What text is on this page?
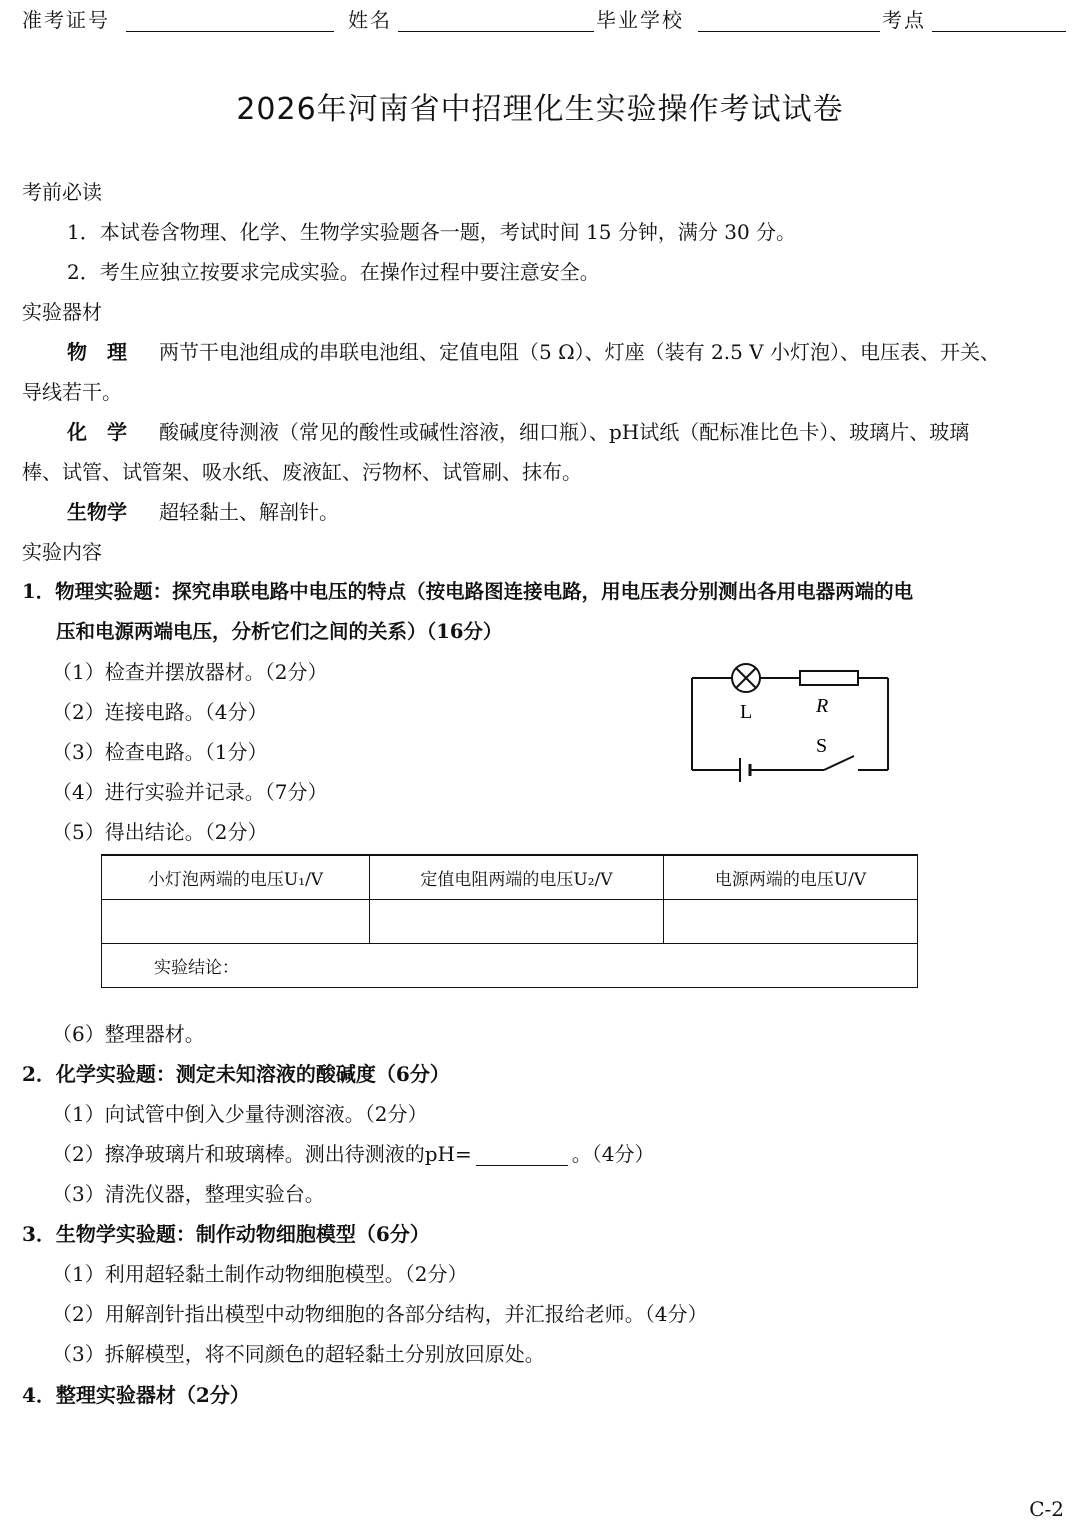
准考证号	姓名	毕业学校	考点
2026年河南省中招理化生实验操作考试试卷
考前必读
1．本试卷含物理、化学、生物学实验题各一题，考试时间 15 分钟，满分 30 分。
2．考生应独立按要求完成实验。在操作过程中要注意安全。
实验器材
物　理 两节干电池组成的串联电池组、定值电阻（5 Ω）、灯座（装有 2.5 V 小灯泡）、电压表、开关、
导线若干。
化　学 酸碱度待测液（常见的酸性或碱性溶液，细口瓶）、pH试纸（配标准比色卡）、玻璃片、玻璃
棒、试管、试管架、吸水纸、废液缸、污物杯、试管刷、抹布。
生物学 超轻黏土、解剖针。
实验内容
1．物理实验题：探究串联电路中电压的特点（按电路图连接电路，用电压表分别测出各用电器两端的电
压和电源两端电压，分析它们之间的关系）（16分）
（1）检查并摆放器材。（2分）
（2）连接电路。（4分）
（3）检查电路。（1分）
（4）进行实验并记录。（7分）
（5）得出结论。（2分）
L	R
S
小灯泡两端的电压U₁/V	定值电阻两端的电压U₂/V	电源两端的电压U/V

实验结论：		
（6）整理器材。
2．化学实验题：测定未知溶液的酸碱度（6分）
（1）向试管中倒入少量待测溶液。（2分）
（2）擦净玻璃片和玻璃棒。测出待测液的pH=	。（4分）
（3）清洗仪器，整理实验台。
3．生物学实验题：制作动物细胞模型（6分）
（1）利用超轻黏土制作动物细胞模型。（2分）
（2）用解剖针指出模型中动物细胞的各部分结构，并汇报给老师。（4分）
（3）拆解模型，将不同颜色的超轻黏土分别放回原处。
4．整理实验器材（2分）
C-2
